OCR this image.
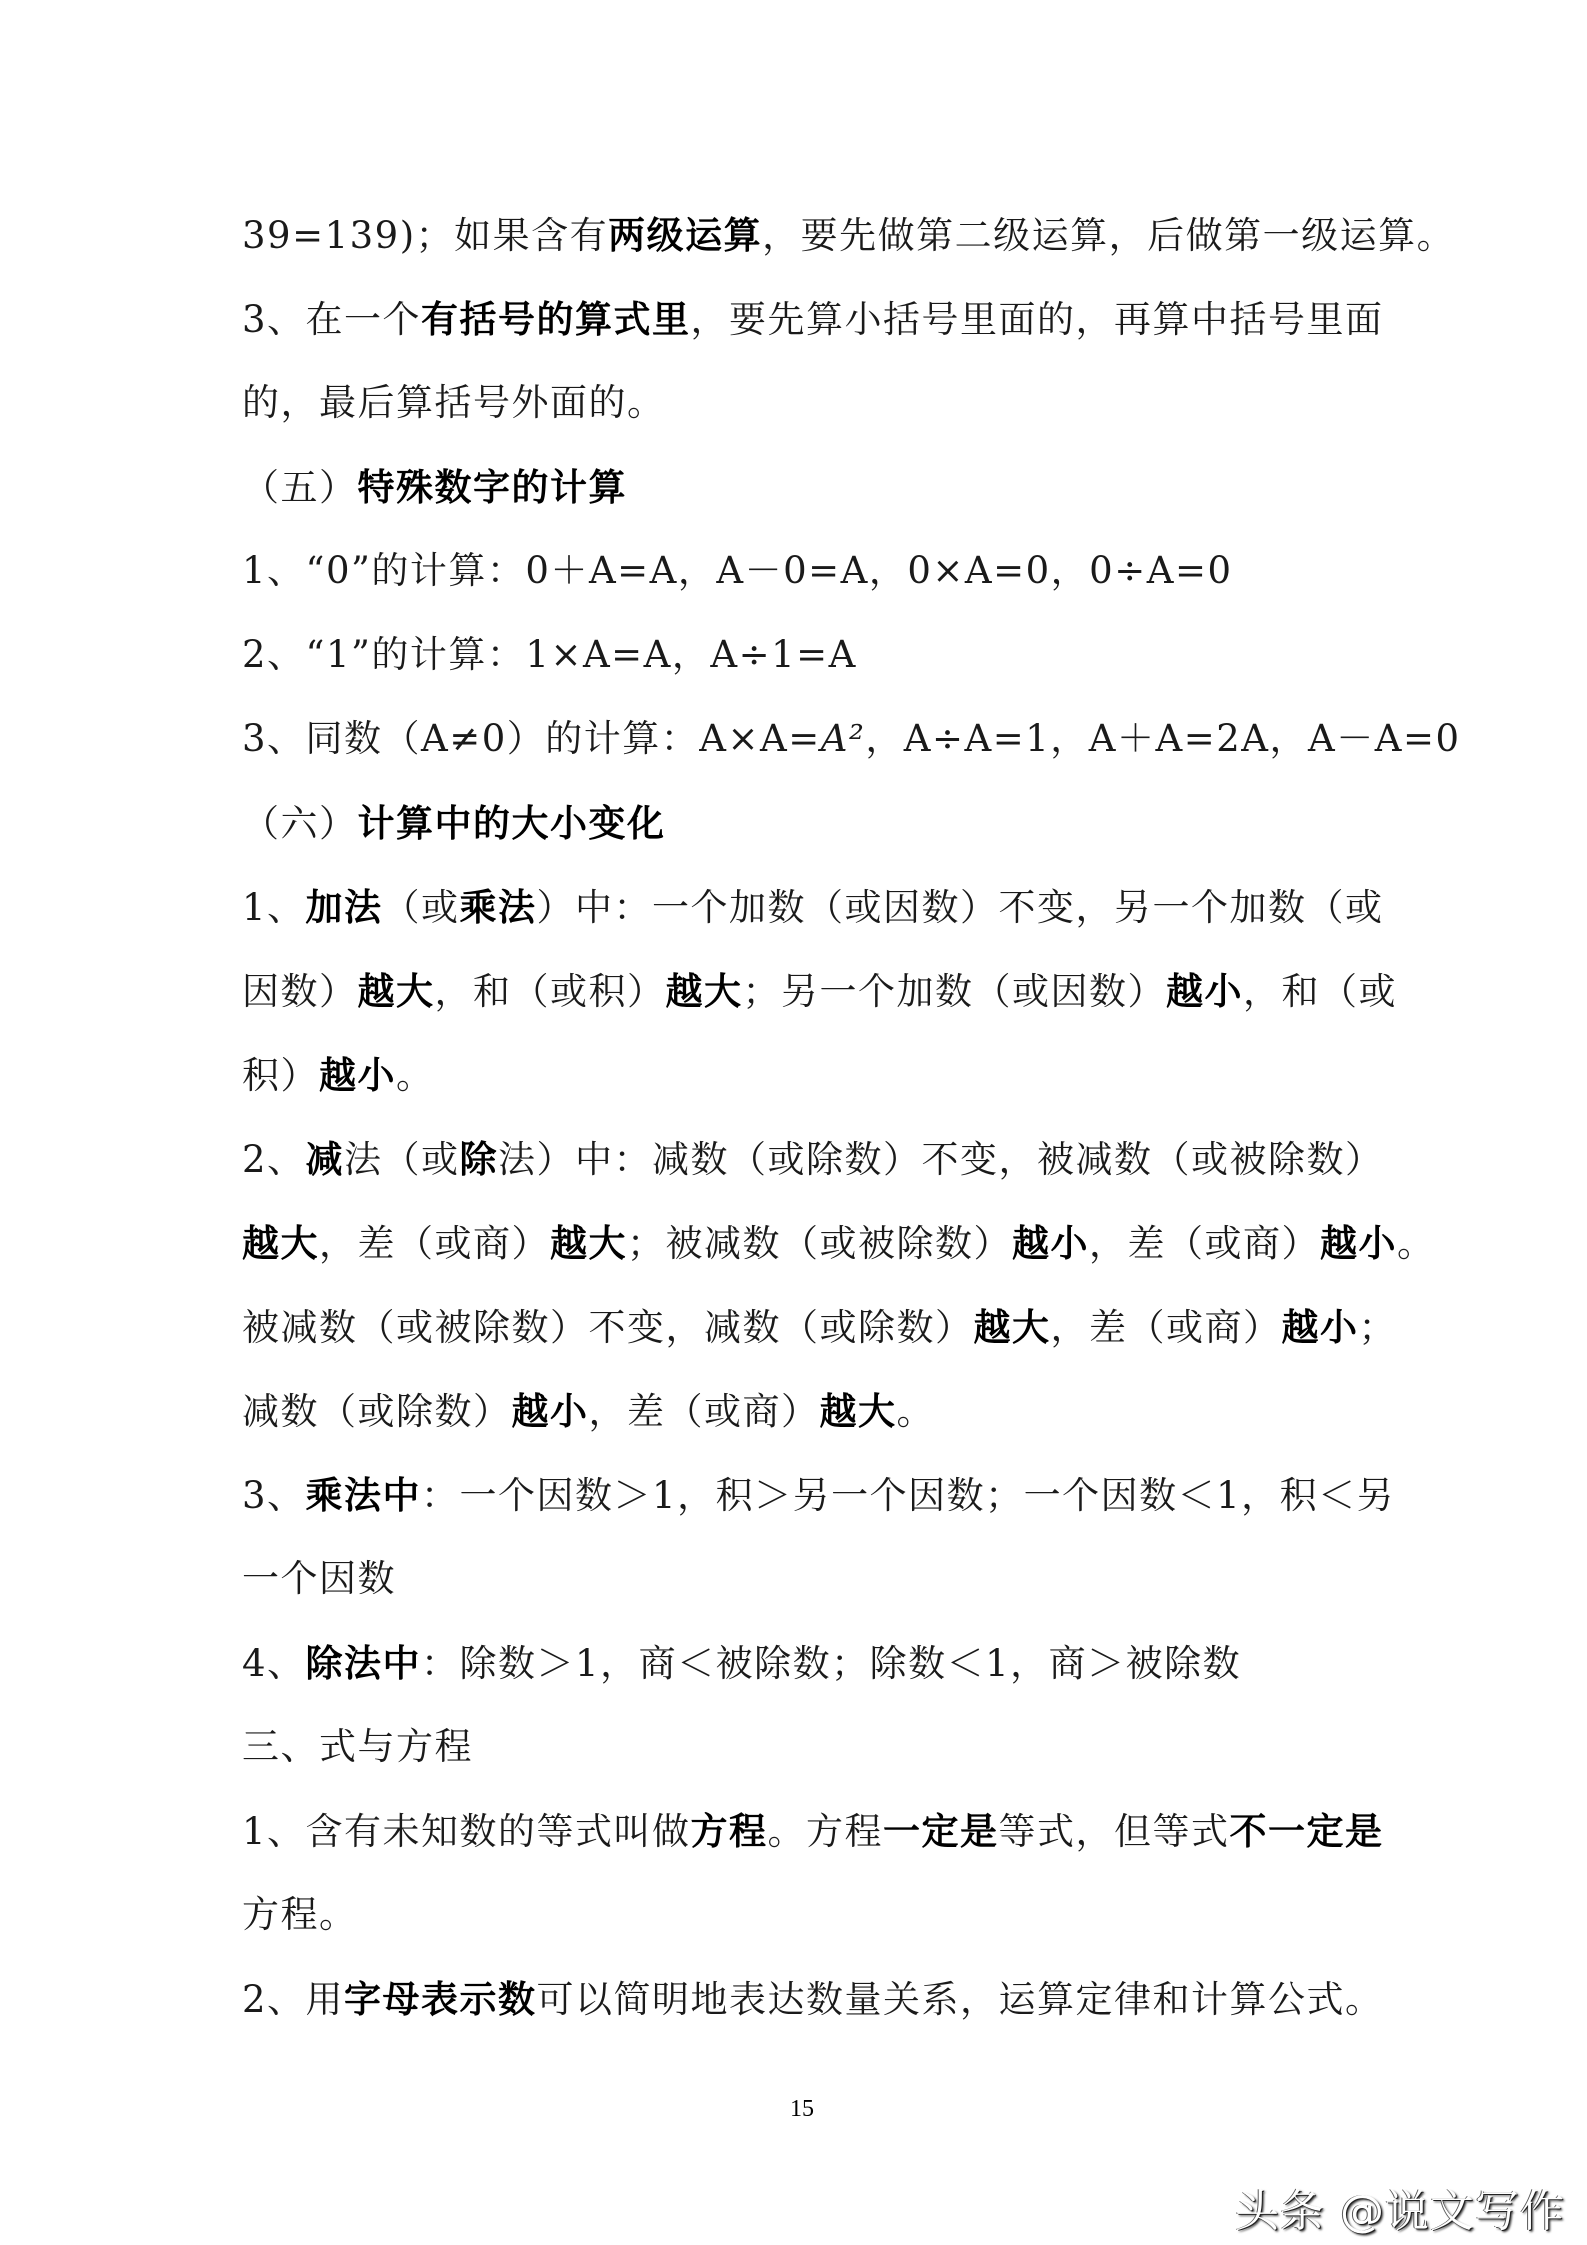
39=139)；如果含有两级运算，要先做第二级运算，后做第一级运算。
3、在一个有括号的算式里，要先算小括号里面的，再算中括号里面
的，最后算括号外面的。
（五）特殊数字的计算
1、“0”的计算：0＋A=A，A－0=A，0×A=0，0÷A=0
2、“1”的计算：1×A=A，A÷1=A
3、同数（A≠0）的计算：A×A=A²，A÷A=1，A＋A=2A，A－A=0
（六）计算中的大小变化
1、加法（或乘法）中：一个加数（或因数）不变，另一个加数（或
因数）越大，和（或积）越大；另一个加数（或因数）越小，和（或
积）越小。
2、减法（或除法）中：减数（或除数）不变，被减数（或被除数）
越大，差（或商）越大；被减数（或被除数）越小，差（或商）越小。
被减数（或被除数）不变，减数（或除数）越大，差（或商）越小；
减数（或除数）越小，差（或商）越大。
3、乘法中：一个因数＞1，积＞另一个因数；一个因数＜1，积＜另
一个因数
4、除法中：除数＞1，商＜被除数；除数＜1，商＞被除数
三、式与方程
1、含有未知数的等式叫做方程。方程一定是等式，但等式不一定是
方程。
2、用字母表示数可以简明地表达数量关系，运算定律和计算公式。
15
头条 @说文写作
